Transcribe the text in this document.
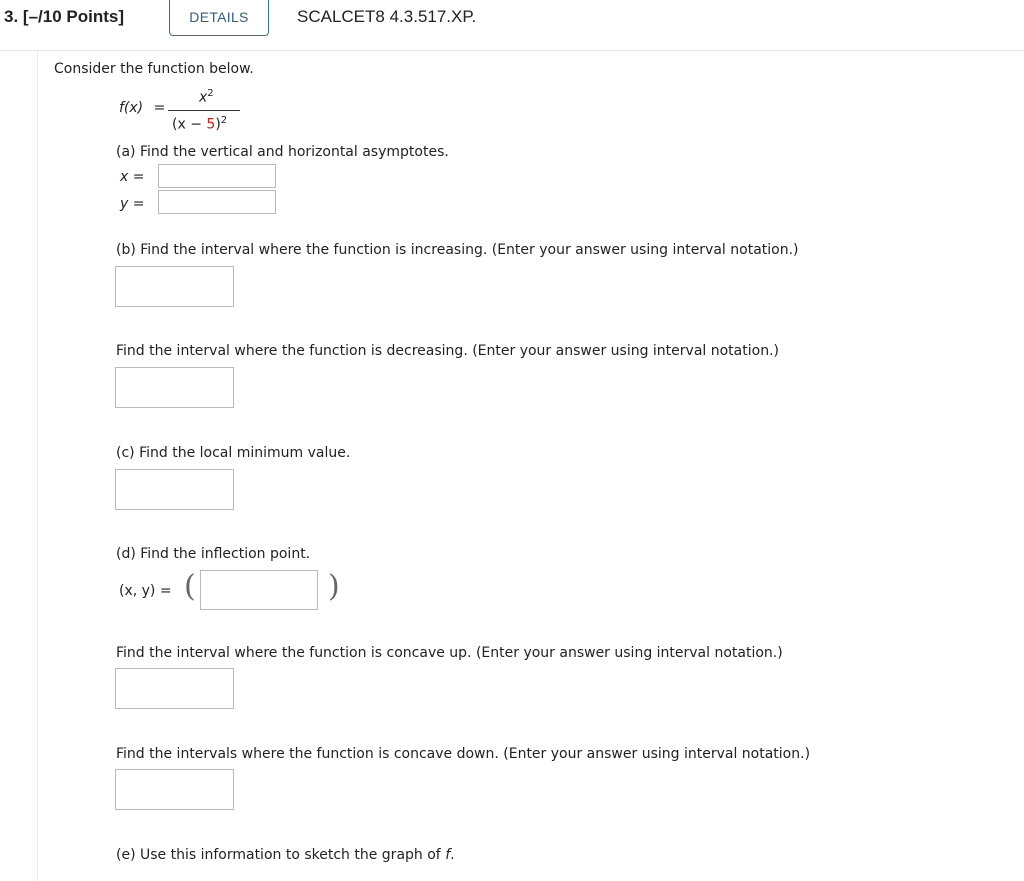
3. [–/10 Points]	DETAILS	SCALCET8 4.3.517.XP.
Consider the function below.
f(x) =
$x^2$
$(x - 5)^2$
(a) Find the vertical and horizontal asymptotes.
x =
y =
(b) Find the interval where the function is increasing. (Enter your answer using interval notation.)
Find the interval where the function is decreasing. (Enter your answer using interval notation.)
(c) Find the local minimum value.
(d) Find the inflection point.
(x, y) = (	)
Find the interval where the function is concave up. (Enter your answer using interval notation.)
Find the intervals where the function is concave down. (Enter your answer using interval notation.)
(e) Use this information to sketch the graph of f.
